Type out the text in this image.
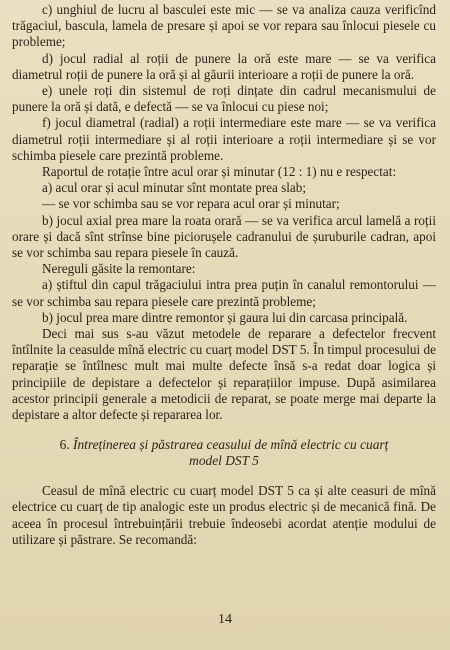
c) unghiul de lucru al basculei este mic — se va analiza cauza verificînd trăgaciul, bascula, lamela de presare și apoi se vor repara sau înlocui piesele cu probleme;

d) jocul radial al roții de punere la oră este mare — se va verifica diametrul roții de punere la oră și al găurii interioare a roții de punere la oră.

e) unele roți din sistemul de roți dințate din cadrul mecanismului de punere la oră și dată, e defectă — se va înlocui cu piese noi;

f) jocul diametral (radial) a roții intermediare este mare — se va verifica diametrul roții intermediare și al roții interioare a roții intermediare și se vor schimba piesele care prezintă probleme.

Raportul de rotație între acul orar și minutar (12 : 1) nu e respectat:

a) acul orar și acul minutar sînt montate prea slab;

— se vor schimba sau se vor repara acul orar și minutar;

b) jocul axial prea mare la roata orară — se va verifica arcul lamelă a roții orare și dacă sînt strînse bine piciorușele cadranului de șuruburile cadran, apoi se vor schimba sau repara piesele în cauză.

Nereguli găsite la remontare:

a) știftul din capul trăgaciului intra prea puțin în canalul remontorului — se vor schimba sau repara piesele care prezintă probleme;

b) jocul prea mare dintre remontor și gaura lui din carcasa principală.

Deci mai sus s-au văzut metodele de reparare a defectelor frecvent întîlnite la ceasulde mînă electric cu cuarț model DST 5. În timpul procesului de reparație se întîlnesc mult mai multe defecte însă s-a redat doar logica și principiile de depistare a defectelor și reparațiilor impuse. După asimilarea acestor principii generale a metodicii de reparat, se poate merge mai departe la depistare a altor defecte și repararea lor.

6. Întreținerea și păstrarea ceasului de mînă electric cu cuarț

model DST 5

Ceasul de mînă electric cu cuarț model DST 5 ca și alte ceasuri de mînă electrice cu cuarț de tip analogic este un produs electric și de mecanică fină. De aceea în procesul întrebuințării trebuie îndeosebi acordat atenție modului de utilizare și păstrare. Se recomandă:

14
